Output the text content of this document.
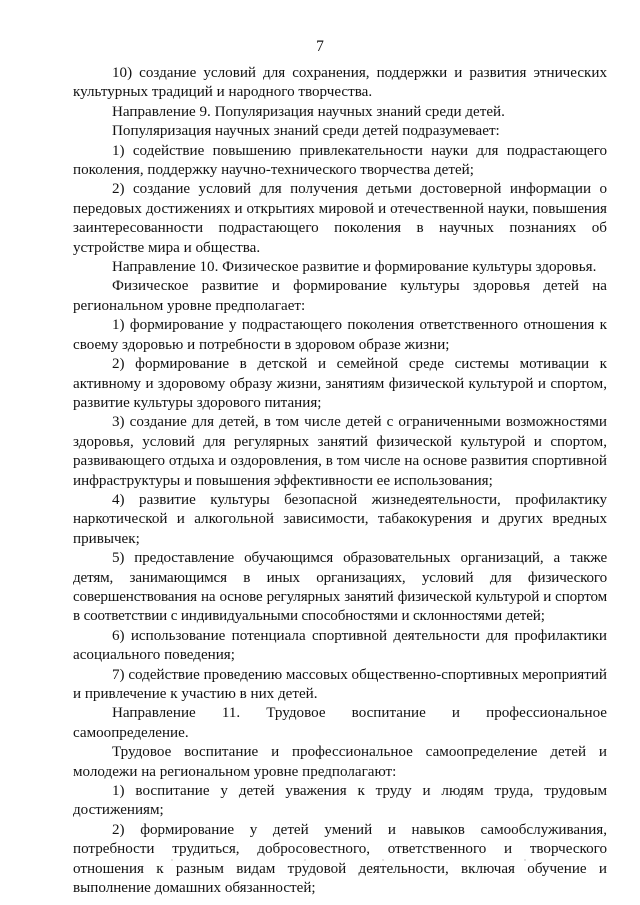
7

10) создание условий для сохранения, поддержки и развития этнических культурных традиций и народного творчества.

Направление 9. Популяризация научных знаний среди детей.

Популяризация научных знаний среди детей подразумевает:

1) содействие повышению привлекательности науки для подрастающего поколения, поддержку научно-технического творчества детей;

2) создание условий для получения детьми достоверной информации о передовых достижениях и открытиях мировой и отечественной науки, повышения заинтересованности подрастающего поколения в научных познаниях об устройстве мира и общества.

Направление 10. Физическое развитие и формирование культуры здоровья.

Физическое развитие и формирование культуры здоровья детей на региональном уровне предполагает:

1) формирование у подрастающего поколения ответственного отношения к своему здоровью и потребности в здоровом образе жизни;

2) формирование в детской и семейной среде системы мотивации к активному и здоровому образу жизни, занятиям физической культурой и спортом, развитие культуры здорового питания;

3) создание для детей, в том числе детей с ограниченными возможностями здоровья, условий для регулярных занятий физической культурой и спортом, развивающего отдыха и оздоровления, в том числе на основе развития спортивной инфраструктуры и повышения эффективности ее использования;

4) развитие культуры безопасной жизнедеятельности, профилактику наркотической и алкогольной зависимости, табакокурения и других вредных привычек;

5) предоставление обучающимся образовательных организаций, а также детям, занимающимся в иных организациях, условий для физического совершенствования на основе регулярных занятий физической культурой и спортом в соответствии с индивидуальными способностями и склонностями детей;

6) использование потенциала спортивной деятельности для профилактики асоциального поведения;

7) содействие проведению массовых общественно-спортивных мероприятий и привлечение к участию в них детей.

Направление 11. Трудовое воспитание и профессиональное самоопределение.

Трудовое воспитание и профессиональное самоопределение детей и молодежи на региональном уровне предполагают:

1) воспитание у детей уважения к труду и людям труда, трудовым достижениям;

2) формирование у детей умений и навыков самообслуживания, потребности трудиться, добросовестного, ответственного и творческого отношения к разным видам трудовой деятельности, включая обучение и выполнение домашних обязанностей;
